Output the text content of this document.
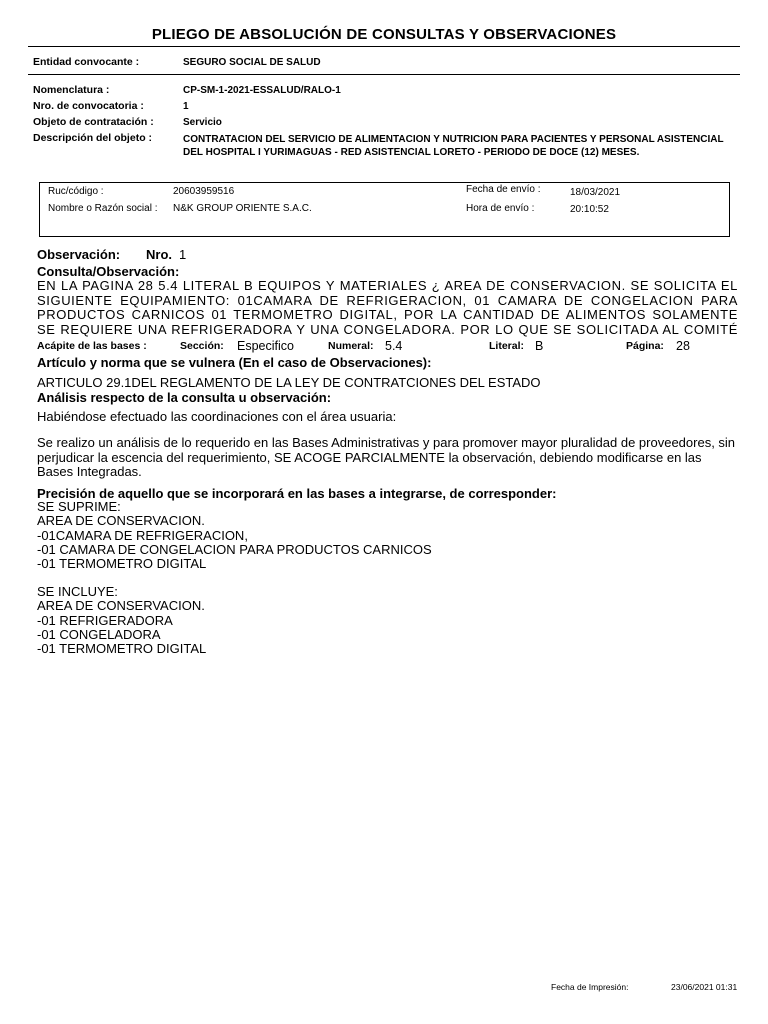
PLIEGO DE ABSOLUCIÓN DE CONSULTAS Y OBSERVACIONES
Entidad convocante :	SEGURO SOCIAL DE SALUD
Nomenclatura :	CP-SM-1-2021-ESSALUD/RALO-1
Nro. de convocatoria :	1
Objeto de contratación :	Servicio
Descripción del objeto :	CONTRATACION DEL SERVICIO DE ALIMENTACION Y NUTRICION PARA PACIENTES Y PERSONAL ASISTENCIAL DEL HOSPITAL I YURIMAGUAS - RED ASISTENCIAL LORETO - PERIODO DE DOCE (12) MESES.
Ruc/código :	20603959516
Nombre o Razón social : N&K GROUP ORIENTE S.A.C.
Fecha de envío :	18/03/2021
Hora de envío :	20:10:52
Observación: Nro. 1
Consulta/Observación:
EN LA PAGINA 28 5.4 LITERAL B EQUIPOS Y MATERIALES ¿ AREA DE CONSERVACION. SE SOLICITA EL SIGUIENTE EQUIPAMIENTO: 01CAMARA DE REFRIGERACION, 01 CAMARA DE CONGELACION PARA PRODUCTOS CARNICOS 01 TERMOMETRO DIGITAL, POR LA CANTIDAD DE ALIMENTOS SOLAMENTE SE REQUIERE UNA REFRIGERADORA Y UNA CONGELADORA. POR LO QUE SE SOLICITADA AL COMITÉ
Acápite de las bases :	Sección: Especifico	Numeral: 5.4	Literal: B	Página: 28
Artículo y norma que se vulnera (En el caso de Observaciones):
ARTICULO 29.1DEL REGLAMENTO DE LA LEY DE CONTRATCIONES DEL ESTADO
Análisis respecto de la consulta u observación:
Habiéndose efectuado las coordinaciones con el área usuaria:
Se realizo un análisis de lo requerido en las Bases Administrativas y para promover mayor pluralidad de proveedores, sin perjudicar la escencia del requerimiento, SE ACOGE PARCIALMENTE la observación, debiendo modificarse en las Bases Integradas.
Precisión de aquello que se incorporará en las bases a integrarse, de corresponder:
SE SUPRIME:
AREA DE CONSERVACION.
-01CAMARA DE REFRIGERACION,
-01 CAMARA DE CONGELACION PARA PRODUCTOS CARNICOS
-01 TERMOMETRO DIGITAL
SE INCLUYE:
AREA DE CONSERVACION.
-01 REFRIGERADORA
-01 CONGELADORA
-01 TERMOMETRO DIGITAL
Fecha de Impresión:	23/06/2021 01:31
